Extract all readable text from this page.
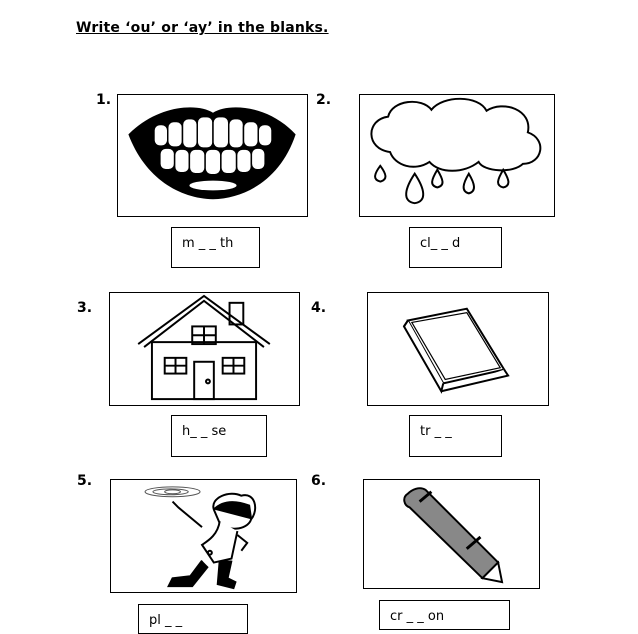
Write ‘ou’ or ‘ay’ in the blanks.
1.
m _ _ th
2.
cl_ _ d
3.
h_ _ se
4.
tr _ _
5.
pl _ _
6.
cr _ _ on
